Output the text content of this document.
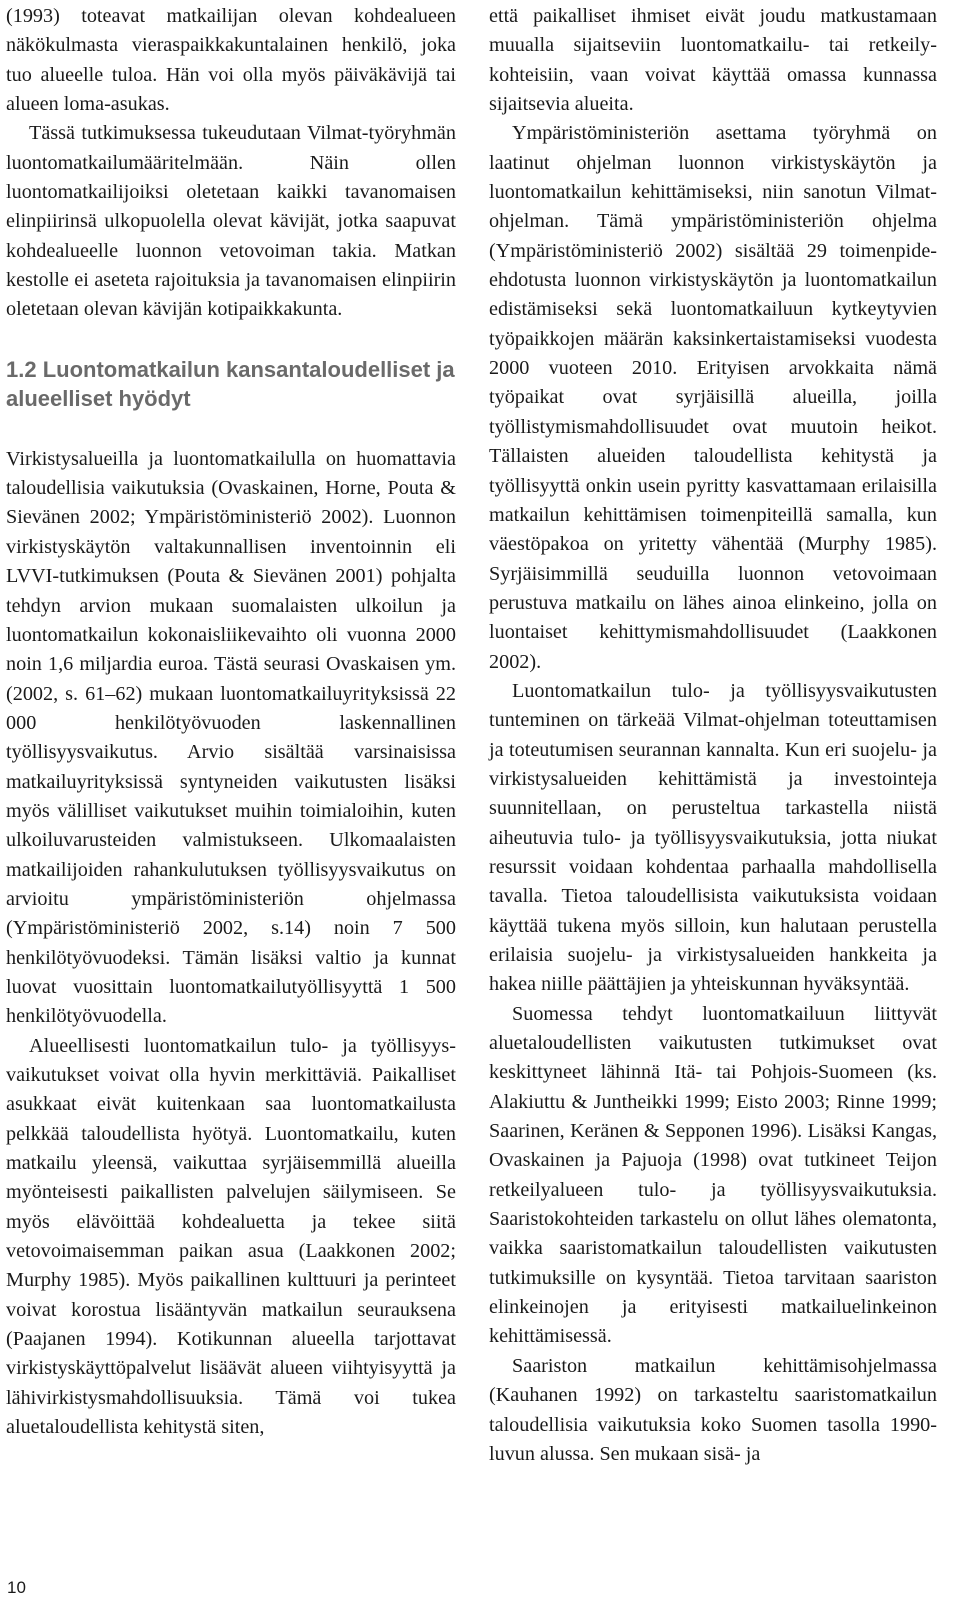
(1993) toteavat matkailijan olevan kohdealueen näkökulmasta vieraspaikkakuntalainen henkilö, joka tuo alueelle tuloa. Hän voi olla myös päiväkävijä tai alueen loma-asukas.

Tässä tutkimuksessa tukeudutaan Vilmat-työryhmän luontomatkailumääritelmään. Näin ollen luontomatkailijoiksi oletetaan kaikki tavanomaisen elinpiirinsä ulkopuolella olevat kävijät, jotka saapuvat kohdealueelle luonnon vetovoiman takia. Matkan kestolle ei aseteta rajoituksia ja tavanomaisen elinpiirin oletetaan olevan kävijän kotipaikkakunta.

1.2 Luontomatkailun kansantaloudelliset ja alueelliset hyödyt

Virkistysalueilla ja luontomatkailulla on huomattavia taloudellisia vaikutuksia (Ovaskainen, Horne, Pouta & Sievänen 2002; Ympäristöministeriö 2002). Luonnon virkistyskäytön valtakunnallisen inventoinnin eli LVVI-tutkimuksen (Pouta & Sievänen 2001) pohjalta tehdyn arvion mukaan suomalaisten ulkoilun ja luontomatkailun kokonaisliikevaihto oli vuonna 2000 noin 1,6 miljardia euroa. Tästä seurasi Ovaskaisen ym. (2002, s. 61–62) mukaan luontomatkailuyrityksissä 22 000 henkilötyövuoden laskennallinen työllisyysvaikutus. Arvio sisältää varsinaisissa matkailuyrityksissä syntyneiden vaikutusten lisäksi myös välilliset vaikutukset muihin toimialoihin, kuten ulkoiluvarusteiden valmistukseen. Ulkomaalaisten matkailijoiden rahankulutuksen työllisyysvaikutus on arvioitu ympäristöministeriön ohjelmassa (Ympäristöministeriö 2002, s.14) noin 7 500 henkilötyövuodeksi. Tämän lisäksi valtio ja kunnat luovat vuosittain luontomatkailutyöllisyyttä 1 500 henkilötyövuodella.

Alueellisesti luontomatkailun tulo- ja työllisyysvaikutukset voivat olla hyvin merkittäviä. Paikalliset asukkaat eivät kuitenkaan saa luontomatkailusta pelkkää taloudellista hyötyä. Luontomatkailu, kuten matkailu yleensä, vaikuttaa syrjäisemmillä alueilla myönteisesti paikallisten palvelujen säilymiseen. Se myös elävöittää kohdealuetta ja tekee siitä vetovoimaisemman paikan asua (Laakkonen 2002; Murphy 1985). Myös paikallinen kulttuuri ja perinteet voivat korostua lisääntyvän matkailun seurauksena (Paajanen 1994). Kotikunnan alueella tarjottavat virkistyskäyttöpalvelut lisäävät alueen viihtyisyyttä ja lähivirkistysmahdollisuuksia. Tämä voi tukea aluetaloudellista kehitystä siten,

että paikalliset ihmiset eivät joudu matkustamaan muualla sijaitseviin luontomatkailu- tai retkeilykohteisiin, vaan voivat käyttää omassa kunnassa sijaitsevia alueita.

Ympäristöministeriön asettama työryhmä on laatinut ohjelman luonnon virkistyskäytön ja luontomatkailun kehittämiseksi, niin sanotun Vilmat-ohjelman. Tämä ympäristöministeriön ohjelma (Ympäristöministeriö 2002) sisältää 29 toimenpide-ehdotusta luonnon virkistyskäytön ja luontomatkailun edistämiseksi sekä luontomatkailuun kytkeytyvien työpaikkojen määrän kaksinkertaistamiseksi vuodesta 2000 vuoteen 2010. Erityisen arvokkaita nämä työpaikat ovat syrjäisillä alueilla, joilla työllistymismahdollisuudet ovat muutoin heikot. Tällaisten alueiden taloudellista kehitystä ja työllisyyttä onkin usein pyritty kasvattamaan erilaisilla matkailun kehittämisen toimenpiteillä samalla, kun väestöpakoa on yritetty vähentää (Murphy 1985). Syrjäisimmillä seuduilla luonnon vetovoimaan perustuva matkailu on lähes ainoa elinkeino, jolla on luontaiset kehittymismahdollisuudet (Laakkonen 2002).

Luontomatkailun tulo- ja työllisyysvaikutusten tunteminen on tärkeää Vilmat-ohjelman toteuttamisen ja toteutumisen seurannan kannalta. Kun eri suojelu- ja virkistysalueiden kehittämistä ja investointeja suunnitellaan, on perusteltua tarkastella niistä aiheutuvia tulo- ja työllisyysvaikutuksia, jotta niukat resurssit voidaan kohdentaa parhaalla mahdollisella tavalla. Tietoa taloudellisista vaikutuksista voidaan käyttää tukena myös silloin, kun halutaan perustella erilaisia suojelu- ja virkistysalueiden hankkeita ja hakea niille päättäjien ja yhteiskunnan hyväksyntää.

Suomessa tehdyt luontomatkailuun liittyvät aluetaloudellisten vaikutusten tutkimukset ovat keskittyneet lähinnä Itä- tai Pohjois-Suomeen (ks. Alakiuttu & Juntheikki 1999; Eisto 2003; Rinne 1999; Saarinen, Keränen & Sepponen 1996). Lisäksi Kangas, Ovaskainen ja Pajuoja (1998) ovat tutkineet Teijon retkeilyalueen tulo- ja työllisyysvaikutuksia. Saaristokohteiden tarkastelu on ollut lähes olematonta, vaikka saaristomatkailun taloudellisten vaikutusten tutkimuksille on kysyntää. Tietoa tarvitaan saariston elinkeinojen ja erityisesti matkailuelinkeinon kehittämisessä.

Saariston matkailun kehittämisohjelmassa (Kauhanen 1992) on tarkasteltu saaristomatkailun taloudellisia vaikutuksia koko Suomen tasolla 1990-luvun alussa. Sen mukaan sisä- ja

10
